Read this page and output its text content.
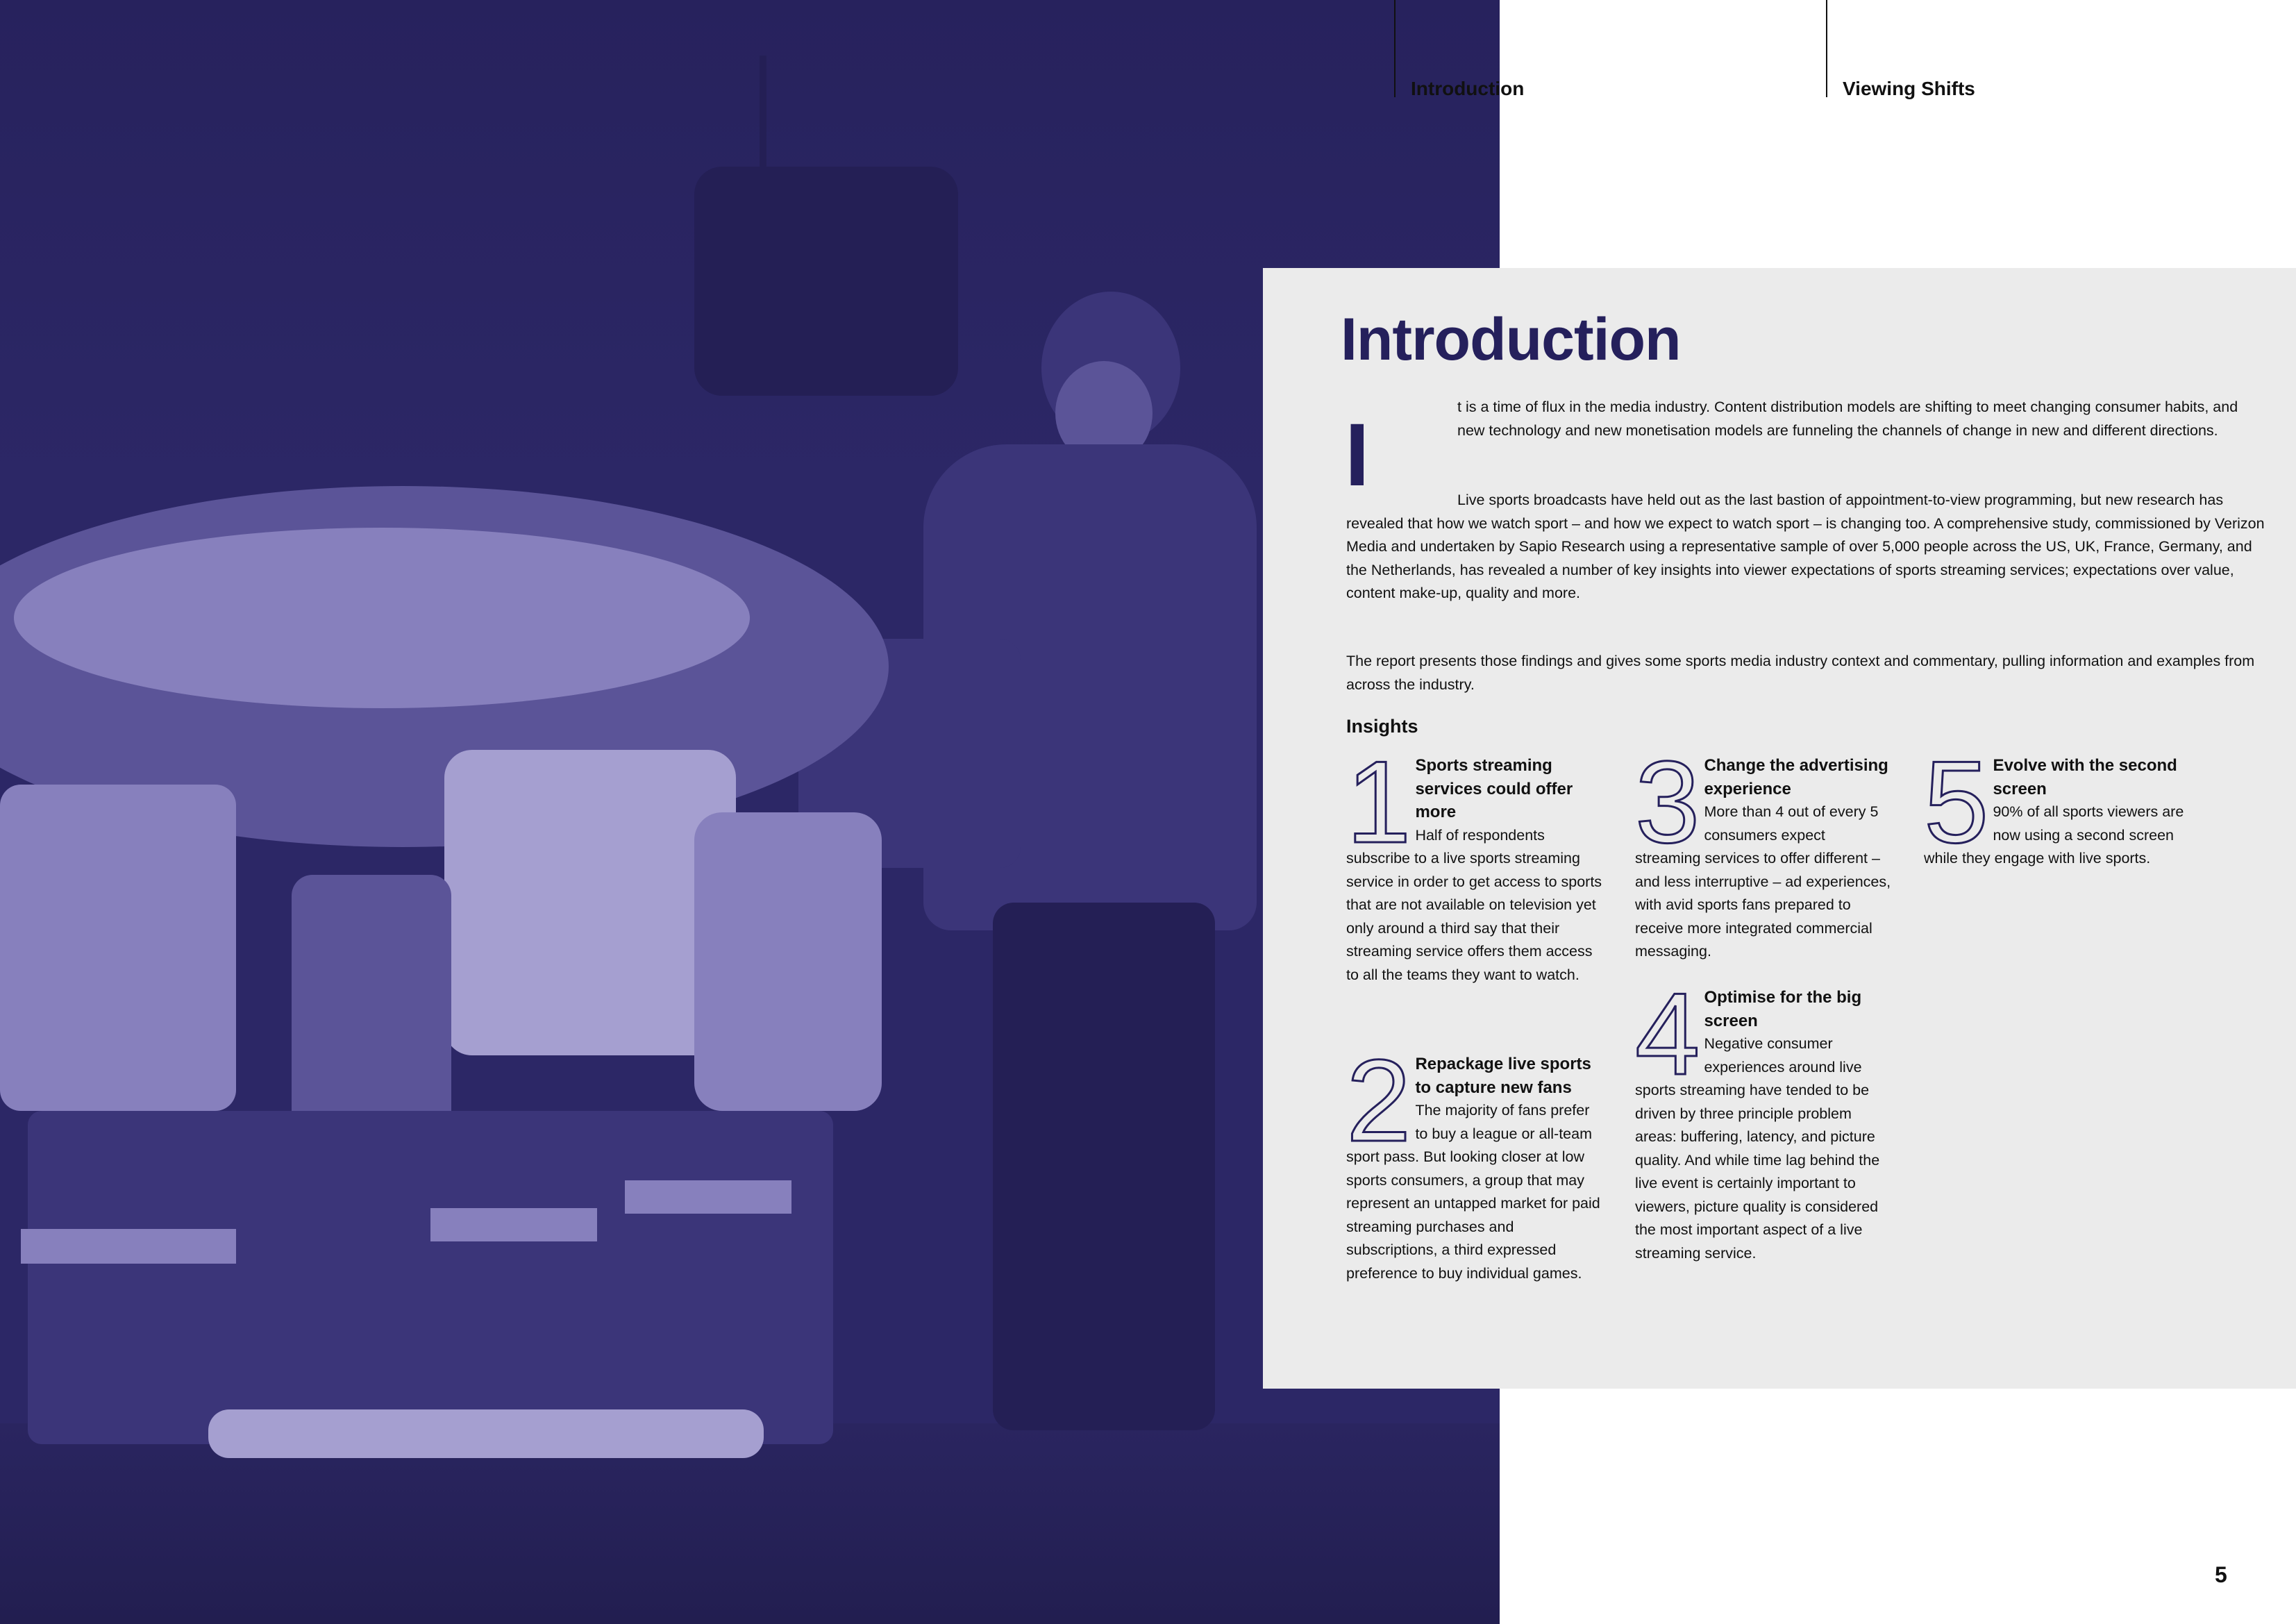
Introduction	Viewing Shifts
Introduction
I	t is a time of flux in the media industry. Content distribution models are shifting to meet changing consumer habits, and new technology and new monetisation models are funneling the channels of change in new and different directions.

Live sports broadcasts have held out as the last bastion of appointment-to-view programming, but new research has revealed that how we watch sport – and how we expect to watch sport – is changing too. A comprehensive study, commissioned by Verizon Media and undertaken by Sapio Research using a representative sample of over 5,000 people across the US, UK, France, Germany, and the Netherlands, has revealed a number of key insights into viewer expectations of sports streaming services; expectations over value, content make-up, quality and more.

The report presents those findings and gives some sports media industry context and commentary, pulling information and examples from across the industry.

Insights
1 Sports streaming services could offer more
Half of respondents subscribe to a live sports streaming service in order to get access to sports that are not available on television yet only around a third say that their streaming service offers them access to all the teams they want to watch.
2 Repackage live sports to capture new fans
The majority of fans prefer to buy a league or all-team sport pass. But looking closer at low sports consumers, a group that may represent an untapped market for paid streaming purchases and subscriptions, a third expressed preference to buy individual games.
3 Change the advertising experience
More than 4 out of every 5 consumers expect streaming services to offer different – and less interruptive – ad experiences, with avid sports fans prepared to receive more integrated commercial messaging.
4 Optimise for the big screen
Negative consumer experiences around live sports streaming have tended to be driven by three principle problem areas: buffering, latency, and picture quality. And while time lag behind the live event is certainly important to viewers, picture quality is considered the most important aspect of a live streaming service.
5 Evolve with the second screen
90% of all sports viewers are now using a second screen while they engage with live sports.
5
